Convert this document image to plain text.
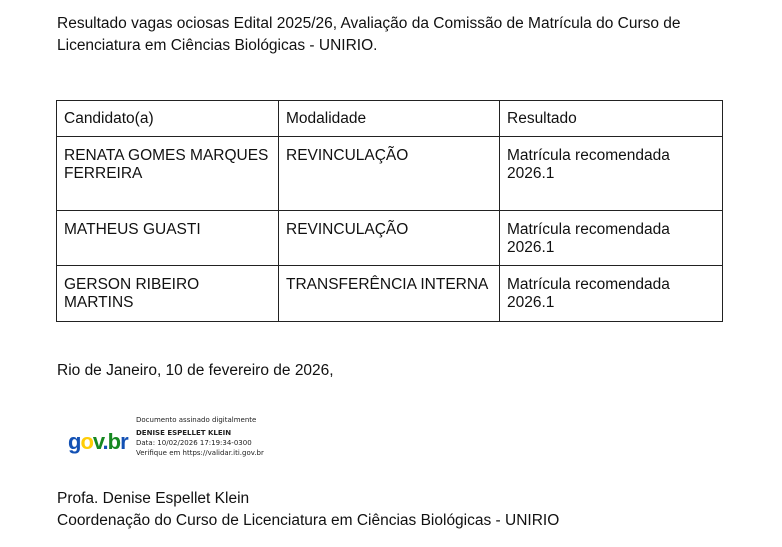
Resultado vagas ociosas Edital 2025/26, Avaliação da Comissão de Matrícula do Curso de Licenciatura em Ciências Biológicas - UNIRIO.

Candidato(a)	Modalidade	Resultado
RENATA GOMES MARQUES FERREIRA	REVINCULAÇÃO	Matrícula recomendada 2026.1
MATHEUS GUASTI	REVINCULAÇÃO	Matrícula recomendada 2026.1
GERSON RIBEIRO MARTINS	TRANSFERÊNCIA INTERNA	Matrícula recomendada 2026.1

Rio de Janeiro, 10 de fevereiro de 2026,

gov.br
Documento assinado digitalmente
DENISE ESPELLET KLEIN
Data: 10/02/2026 17:19:34-0300
Verifique em https://validar.iti.gov.br
Profa. Denise Espellet Klein
Coordenação do Curso de Licenciatura em Ciências Biológicas - UNIRIO
